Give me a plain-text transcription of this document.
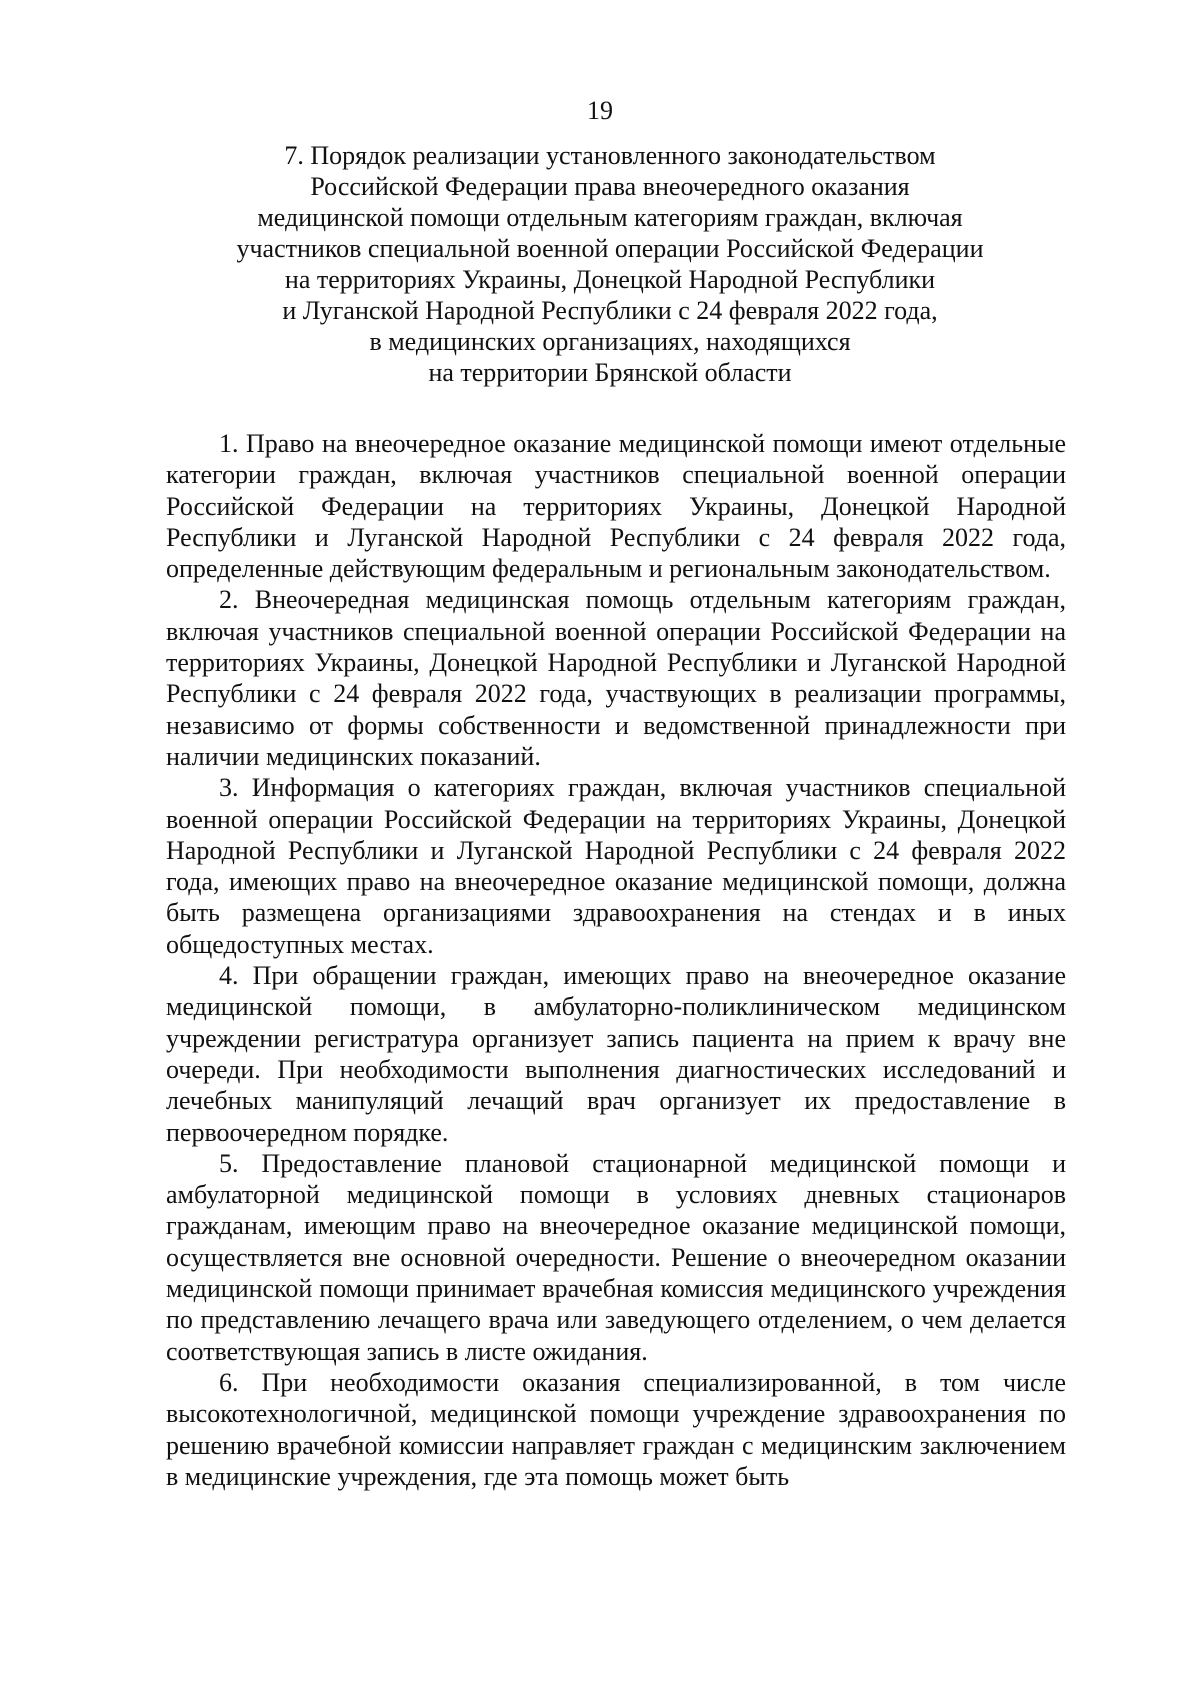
19
7. Порядок реализации установленного законодательством
Российской Федерации права внеочередного оказания
медицинской помощи отдельным категориям граждан, включая
участников специальной военной операции Российской Федерации
на территориях Украины, Донецкой Народной Республики
и Луганской Народной Республики с 24 февраля 2022 года,
в медицинских организациях, находящихся
на территории Брянской области

1. Право на внеочередное оказание медицинской помощи имеют отдельные категории граждан, включая участников специальной военной операции Российской Федерации на территориях Украины, Донецкой Народной Республики и Луганской Народной Республики с 24 февраля 2022 года, определенные действующим федеральным и региональным законодательством.

2. Внеочередная медицинская помощь отдельным категориям граждан, включая участников специальной военной операции Российской Федерации на территориях Украины, Донецкой Народной Республики и Луганской Народной Республики с 24 февраля 2022 года, участвующих в реализации программы, независимо от формы собственности и ведомственной принадлежности при наличии медицинских показаний.

3. Информация о категориях граждан, включая участников специальной военной операции Российской Федерации на территориях Украины, Донецкой Народной Республики и Луганской Народной Республики с 24 февраля 2022 года, имеющих право на внеочередное оказание медицинской помощи, должна быть размещена организациями здравоохранения на стендах и в иных общедоступных местах.

4. При обращении граждан, имеющих право на внеочередное оказание медицинской помощи, в амбулаторно-поликлиническом медицинском учреждении регистратура организует запись пациента на прием к врачу вне очереди. При необходимости выполнения диагностических исследований и лечебных манипуляций лечащий врач организует их предоставление в первоочередном порядке.

5. Предоставление плановой стационарной медицинской помощи и амбулаторной медицинской помощи в условиях дневных стационаров гражданам, имеющим право на внеочередное оказание медицинской помощи, осуществляется вне основной очередности. Решение о внеочередном оказании медицинской помощи принимает врачебная комиссия медицинского учреждения по представлению лечащего врача или заведующего отделением, о чем делается соответствующая запись в листе ожидания.

6. При необходимости оказания специализированной, в том числе высокотехнологичной, медицинской помощи учреждение здравоохранения по решению врачебной комиссии направляет граждан с медицинским заключением в медицинские учреждения, где эта помощь может быть
